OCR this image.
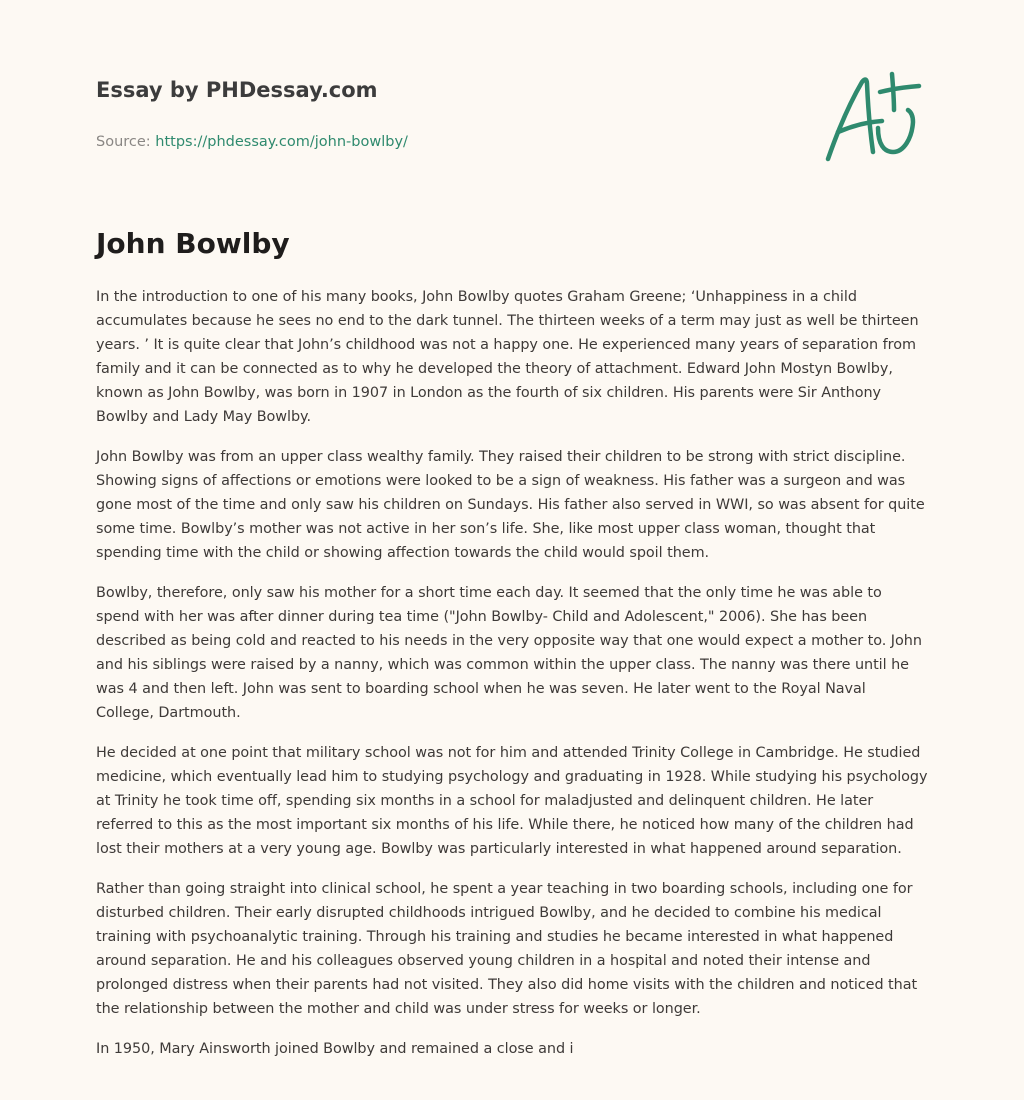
Essay by PHDessay.com
Source: https://phdessay.com/john-bowlby/
John Bowlby

In the introduction to one of his many books, John Bowlby quotes Graham Greene; ‘Unhappiness in a child accumulates because he sees no end to the dark tunnel. The thirteen weeks of a term may just as well be thirteen years. ’ It is quite clear that John’s childhood was not a happy one. He experienced many years of separation from family and it can be connected as to why he developed the theory of attachment. Edward John Mostyn Bowlby, known as John Bowlby, was born in 1907 in London as the fourth of six children. His parents were Sir Anthony Bowlby and Lady May Bowlby.

John Bowlby was from an upper class wealthy family. They raised their children to be strong with strict discipline. Showing signs of affections or emotions were looked to be a sign of weakness. His father was a surgeon and was gone most of the time and only saw his children on Sundays. His father also served in WWI, so was absent for quite some time. Bowlby’s mother was not active in her son’s life. She, like most upper class woman, thought that spending time with the child or showing affection towards the child would spoil them.

Bowlby, therefore, only saw his mother for a short time each day. It seemed that the only time he was able to spend with her was after dinner during tea time ("John Bowlby- Child and Adolescent," 2006). She has been described as being cold and reacted to his needs in the very opposite way that one would expect a mother to. John and his siblings were raised by a nanny, which was common within the upper class. The nanny was there until he was 4 and then left. John was sent to boarding school when he was seven. He later went to the Royal Naval College, Dartmouth.

He decided at one point that military school was not for him and attended Trinity College in Cambridge. He studied medicine, which eventually lead him to studying psychology and graduating in 1928. While studying his psychology at Trinity he took time off, spending six months in a school for maladjusted and delinquent children. He later referred to this as the most important six months of his life. While there, he noticed how many of the children had lost their mothers at a very young age. Bowlby was particularly interested in what happened around separation.

Rather than going straight into clinical school, he spent a year teaching in two boarding schools, including one for disturbed children. Their early disrupted childhoods intrigued Bowlby, and he decided to combine his medical training with psychoanalytic training. Through his training and studies he became interested in what happened around separation. He and his colleagues observed young children in a hospital and noted their intense and prolonged distress when their parents had not visited. They also did home visits with the children and noticed that the relationship between the mother and child was under stress for weeks or longer.

In 1950, Mary Ainsworth joined Bowlby and remained a close and i
